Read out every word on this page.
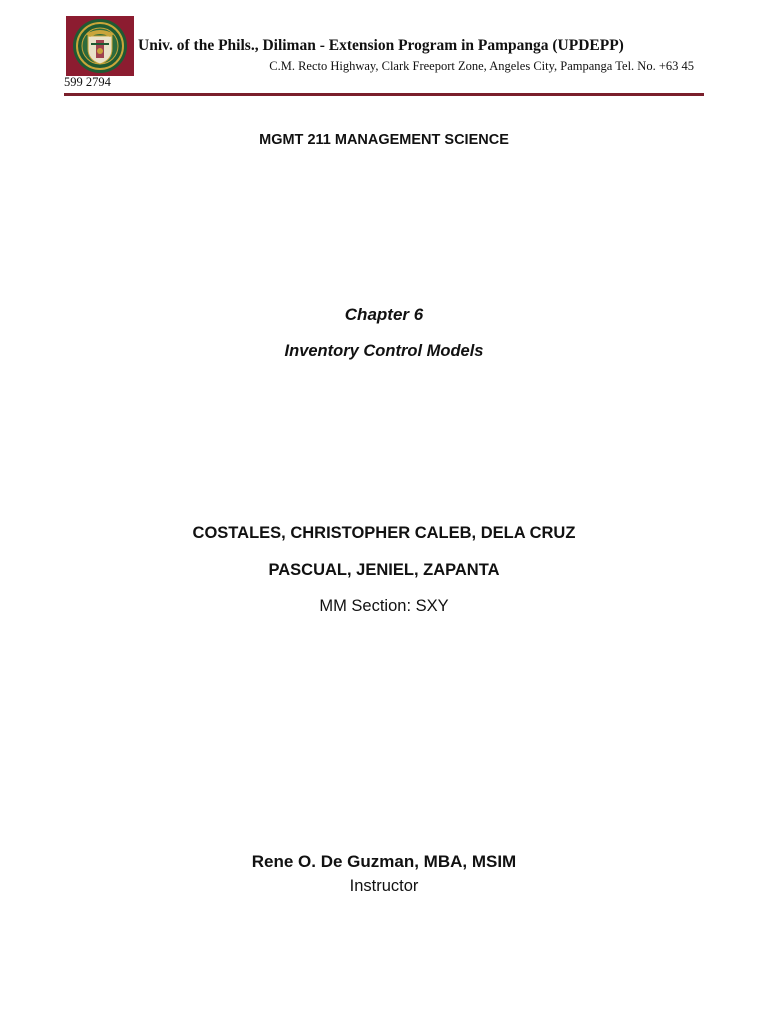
Univ. of the Phils., Diliman - Extension Program in Pampanga (UPDEPP)
C.M. Recto Highway, Clark Freeport Zone, Angeles City, Pampanga Tel. No. +63 45
599 2794
MGMT 211 MANAGEMENT SCIENCE
Chapter 6
Inventory Control Models
COSTALES, CHRISTOPHER CALEB, DELA CRUZ
PASCUAL, JENIEL, ZAPANTA
MM Section: SXY
Rene O. De Guzman, MBA, MSIM
Instructor
